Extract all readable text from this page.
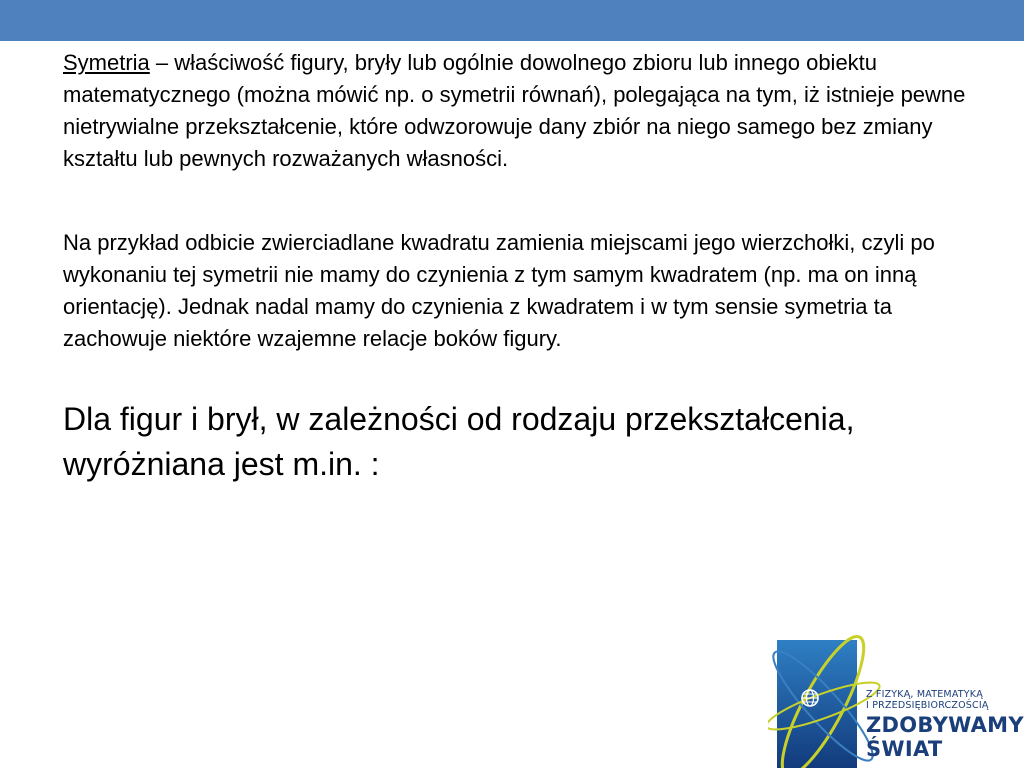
Symetria – właściwość figury, bryły lub ogólnie dowolnego zbioru lub innego obiektu matematycznego (można mówić np. o symetrii równań), polegająca na tym, iż istnieje pewne nietrywialne przekształcenie, które odwzorowuje dany zbiór na niego samego bez zmiany kształtu lub pewnych rozważanych własności.

Na przykład odbicie zwierciadlane kwadratu zamienia miejscami jego wierzchołki, czyli po wykonaniu tej symetrii nie mamy do czynienia z tym samym kwadratem (np. ma on inną orientację). Jednak nadal mamy do czynienia z kwadratem i w tym sensie symetria ta zachowuje niektóre wzajemne relacje boków figury.

Dla figur i brył, w zależności od rodzaju przekształcenia, wyróżniana jest m.in. :

Z FIZYKĄ, MATEMATYKĄ
I PRZEDSIĘBIORCZOŚCIĄ
ZDOBYWAMY
ŚWIAT
